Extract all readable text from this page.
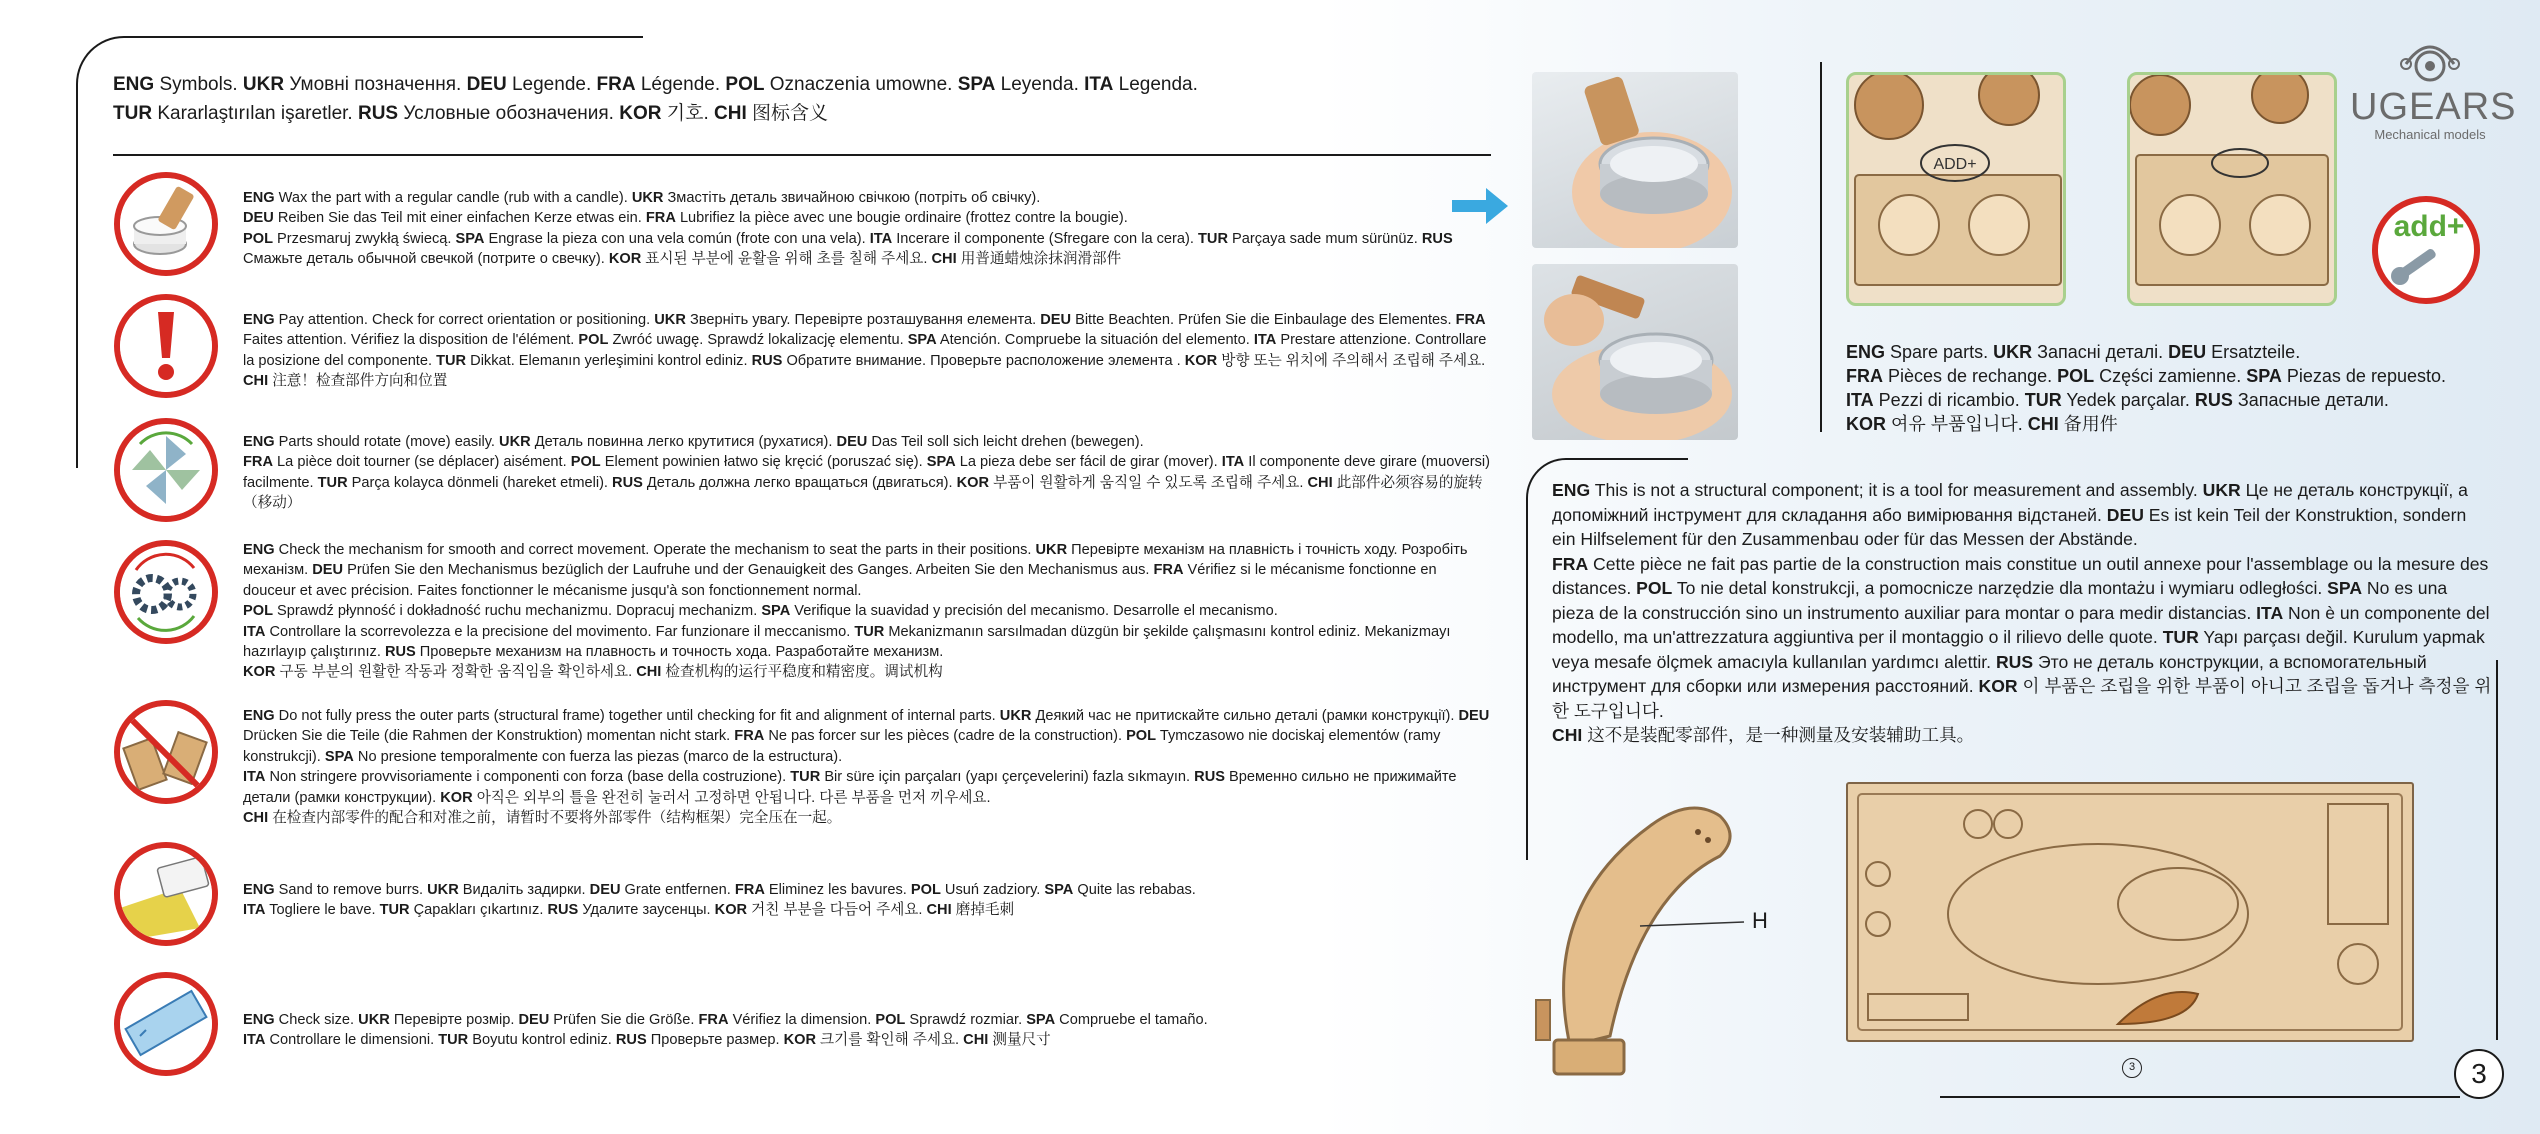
ENG Symbols. UKR Умовні позначення. DEU Legende. FRA Légende. POL Oznaczenia umowne. SPA Leyenda. ITA Legenda.
TUR Kararlaştırılan işaretler. RUS Условные обозначения. KOR 기호. CHI 图标含义
ENG Wax the part with a regular candle (rub with a candle). UKR Змастіть деталь звичайною свічкою (потріть об свічку).
DEU Reiben Sie das Teil mit einer einfachen Kerze etwas ein. FRA Lubrifiez la pièce avec une bougie ordinaire (frottez contre la bougie).
POL Przesmaruj zwykłą świecą. SPA Engrase la pieza con una vela común (frote con una vela). ITA Incerare il componente (Sfregare con la cera). TUR Parçaya sade mum sürünüz. RUS Смажьте деталь обычной свечкой (потрите о свечку). KOR 표시된 부분에 윤활을 위해 초를 칠해 주세요. CHI 用普通蜡烛涂抹润滑部件
ENG Pay attention. Check for correct orientation or positioning. UKR Зверніть увагу. Перевірте розташування елемента. DEU Bitte Beachten. Prüfen Sie die Einbaulage des Elementes. FRA Faites attention. Vérifiez la disposition de l'élément. POL Zwróć uwagę. Sprawdź lokalizację elementu. SPA Atención. Compruebe la situación del elemento. ITA Prestare attenzione. Controllare la posizione del componente. TUR Dikkat. Elemanın yerleşimini kontrol ediniz. RUS Обратите внимание. Проверьте расположение элемента . KOR 방향 또는 위치에 주의해서 조립해 주세요. CHI 注意！检查部件方向和位置
ENG Parts should rotate (move) easily. UKR Деталь повинна легко крутитися (рухатися). DEU Das Teil soll sich leicht drehen (bewegen).
FRA La pièce doit tourner (se déplacer) aisément. POL Element powinien łatwo się kręcić (poruszać się). SPA La pieza debe ser fácil de girar (mover). ITA Il componente deve girare (muoversi) facilmente. TUR Parça kolayca dönmeli (hareket etmeli). RUS Деталь должна легко вращаться (двигаться). KOR 부품이 원활하게 움직일 수 있도록 조립해 주세요. CHI 此部件必须容易的旋转（移动）
ENG Check the mechanism for smooth and correct movement. Operate the mechanism to seat the parts in their positions. UKR Перевірте механізм на плавність і точність ходу. Розробіть механізм. DEU Prüfen Sie den Mechanismus bezüglich der Laufruhe und der Genauigkeit des Ganges. Arbeiten Sie den Mechanismus aus. FRA Vérifiez si le mécanisme fonctionne en douceur et avec précision. Faites fonctionner le mécanisme jusqu'à son fonctionnement normal.
POL Sprawdź płynność i dokładność ruchu mechanizmu. Dopracuj mechanizm. SPA Verifique la suavidad y precisión del mecanismo. Desarrolle el mecanismo.
ITA Controllare la scorrevolezza e la precisione del movimento. Far funzionare il meccanismo. TUR Mekanizmanın sarsılmadan düzgün bir şekilde çalışmasını kontrol ediniz. Mekanizmayı hazırlayıp çalıştırınız. RUS Проверьте механизм на плавность и точность хода. Разработайте механизм.
KOR 구동 부분의 원활한 작동과 정확한 움직임을 확인하세요. CHI 检查机构的运行平稳度和精密度。调试机构
ENG Do not fully press the outer parts (structural frame) together until checking for fit and alignment of internal parts. UKR Деякий час не притискайте сильно деталі (рамки конструкції). DEU Drücken Sie die Teile (die Rahmen der Konstruktion) momentan nicht stark. FRA Ne pas forcer sur les pièces (cadre de la construction). POL Tymczasowo nie dociskaj elementów (ramy konstrukcji). SPA No presione temporalmente con fuerza las piezas (marco de la estructura).
ITA Non stringere provvisoriamente i componenti con forza (base della costruzione). TUR Bir süre için parçaları (yapı çerçevelerini) fazla sıkmayın. RUS Временно сильно не прижимайте детали (рамки конструкции). KOR 아직은 외부의 틀을 완전히 눌러서 고정하면 안됩니다. 다른 부품을 먼저 끼우세요.
CHI 在检查内部零件的配合和对准之前，请暂时不要将外部零件（结构框架）完全压在一起。
ENG Sand to remove burrs. UKR Видаліть задирки. DEU Grate entfernen. FRA Eliminez les bavures. POL Usuń zadziory. SPA Quite las rebabas.
ITA Togliere le bave. TUR Çapakları çıkartınız. RUS Удалите заусенцы. KOR 거친 부분을 다듬어 주세요. CHI 磨掉毛刺
ENG Check size. UKR Перевірте розмір. DEU Prüfen Sie die Größe. FRA Vérifiez la dimension. POL Sprawdź rozmiar. SPA Compruebe el tamaño.
ITA Controllare le dimensioni. TUR Boyutu kontrol ediniz. RUS Проверьте размер. KOR 크기를 확인해 주세요. CHI 测量尺寸
ADD+
UGEARS
Mechanical models
add+
ENG Spare parts. UKR Запасні деталі. DEU Ersatzteile.
FRA Pièces de rechange. POL Części zamienne. SPA Piezas de repuesto.
ITA Pezzi di ricambio. TUR Yedek parçalar. RUS Запасные детали.
KOR 여유 부품입니다. CHI 备用件
ENG This is not a structural component; it is a tool for measurement and assembly. UKR Це не деталь конструкції, а допоміжний інструмент для складання або вимірювання відстаней. DEU Es ist kein Teil der Konstruktion, sondern ein Hilfselement für den Zusammenbau oder für das Messen der Abstände.
FRA Cette pièce ne fait pas partie de la construction mais constitue un outil annexe pour l'assemblage ou la mesure des distances. POL To nie detal konstrukcji, a pomocnicze narzędzie dla montażu i wymiaru odległości. SPA No es una pieza de la construcción sino un instrumento auxiliar para montar o para medir distancias. ITA Non è un componente del modello, ma un'attrezzatura aggiuntiva per il montaggio o il rilievo delle quote. TUR Yapı parçası değil. Kurulum yapmak veya mesafe ölçmek amacıyla kullanılan yardımcı alettir. RUS Это не деталь конструкции, а вспомогательный инструмент для сборки или измерения расстояний. KOR 이 부품은 조립을 위한 부품이 아니고 조립을 돕거나 측정을 위한 도구입니다.
CHI 这不是装配零部件，是一种测量及安装辅助工具。
H
3	3
